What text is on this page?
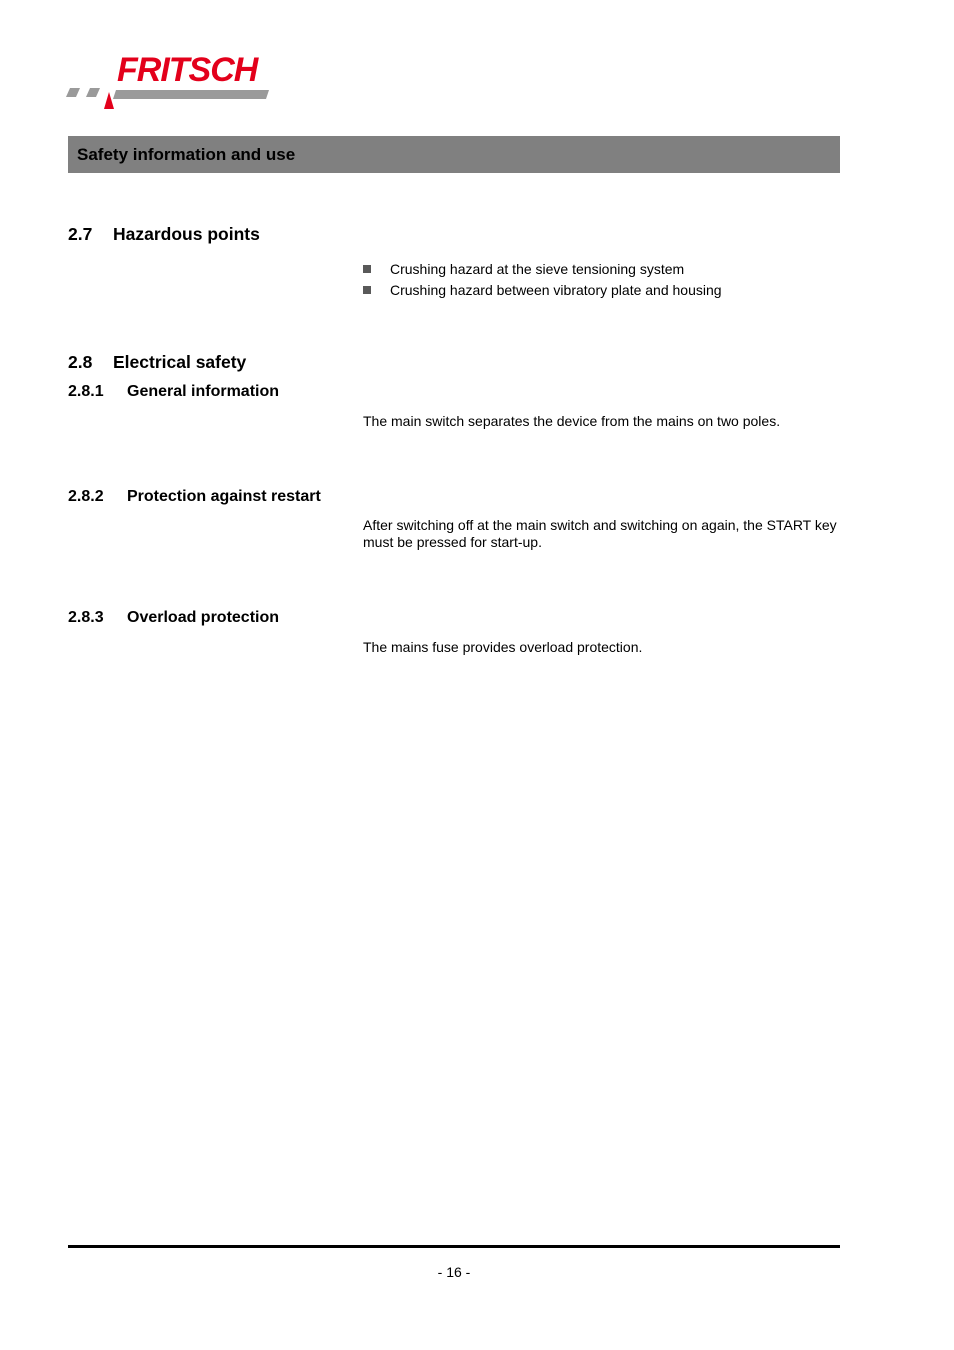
FRITSCH
Safety information and use
2.7 Hazardous points
Crushing hazard at the sieve tensioning system
Crushing hazard between vibratory plate and housing
2.8 Electrical safety
2.8.1 General information
The main switch separates the device from the mains on two poles.
2.8.2 Protection against restart
After switching off at the main switch and switching on again, the START key must be pressed for start-up.
2.8.3 Overload protection
The mains fuse provides overload protection.
- 16 -
